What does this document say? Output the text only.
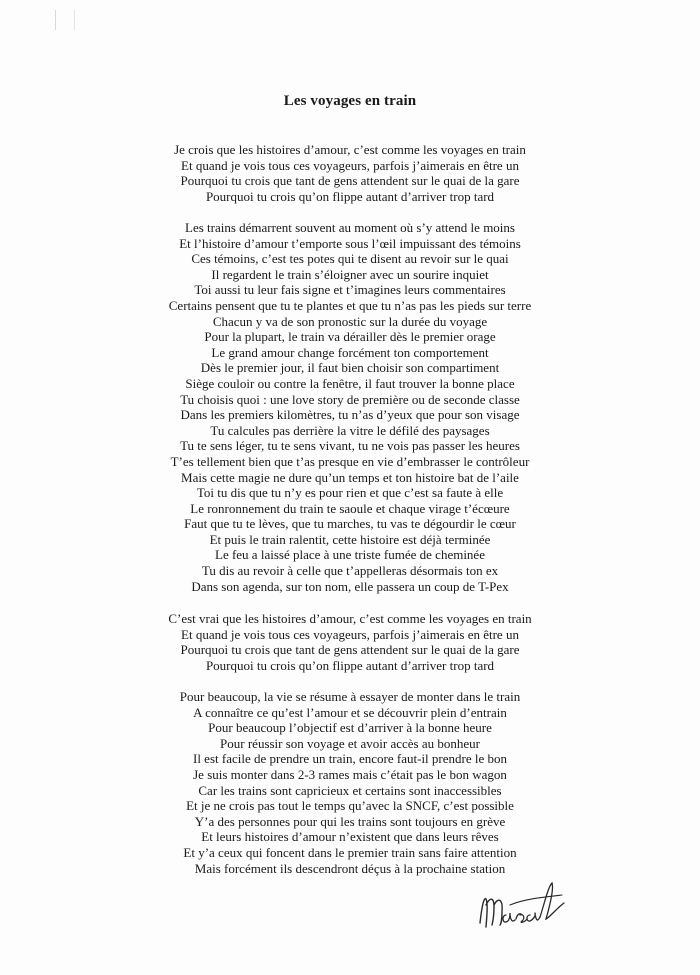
Les voyages en train
Je crois que les histoires d’amour, c’est comme les voyages en train
Et quand je vois tous ces voyageurs, parfois j’aimerais en être un
Pourquoi tu crois que tant de gens attendent sur le quai de la gare
Pourquoi tu crois qu’on flippe autant d’arriver trop tard
Les trains démarrent souvent au moment où s’y attend le moins
Et l’histoire d’amour t’emporte sous l’œil impuissant des témoins
Ces témoins, c’est tes potes qui te disent au revoir sur le quai
Il regardent le train s’éloigner avec un sourire inquiet
Toi aussi tu leur fais signe et t’imagines leurs commentaires
Certains pensent que tu te plantes et que tu n’as pas les pieds sur terre
Chacun y va de son pronostic sur la durée du voyage
Pour la plupart, le train va dérailler dès le premier orage
Le grand amour change forcément ton comportement
Dès le premier jour, il faut bien choisir son compartiment
Siège couloir ou contre la fenêtre, il faut trouver la bonne place
Tu choisis quoi : une love story de première ou de seconde classe
Dans les premiers kilomètres, tu n’as d’yeux que pour son visage
Tu calcules pas derrière la vitre le défilé des paysages
Tu te sens léger, tu te sens vivant, tu ne vois pas passer les heures
T’es tellement bien que t’as presque en vie d’embrasser le contrôleur
Mais cette magie ne dure qu’un temps et ton histoire bat de l’aile
Toi tu dis que tu n’y es pour rien et que c’est sa faute à elle
Le ronronnement du train te saoule et chaque virage t’écœure
Faut que tu te lèves, que tu marches, tu vas te dégourdir le cœur
Et puis le train ralentit, cette histoire est déjà terminée
Le feu a laissé place à une triste fumée de cheminée
Tu dis au revoir à celle que t’appelleras désormais ton ex
Dans son agenda, sur ton nom, elle passera un coup de T-Pex
C’est vrai que les histoires d’amour, c’est comme les voyages en train
Et quand je vois tous ces voyageurs, parfois j’aimerais en être un
Pourquoi tu crois que tant de gens attendent sur le quai de la gare
Pourquoi tu crois qu’on flippe autant d’arriver trop tard
Pour beaucoup, la vie se résume à essayer de monter dans le train
A connaître ce qu’est l’amour et se découvrir plein d’entrain
Pour beaucoup l’objectif est d’arriver à la bonne heure
Pour réussir son voyage et avoir accès au bonheur
Il est facile de prendre un train, encore faut-il prendre le bon
Je suis monter dans 2-3 rames mais c’était pas le bon wagon
Car les trains sont capricieux et certains sont inaccessibles
Et je ne crois pas tout le temps qu’avec la SNCF, c’est possible
Y’a des personnes pour qui les trains sont toujours en grève
Et leurs histoires d’amour n’existent que dans leurs rêves
Et y’a ceux qui foncent dans le premier train sans faire attention
Mais forcément ils descendront déçus à la prochaine station
